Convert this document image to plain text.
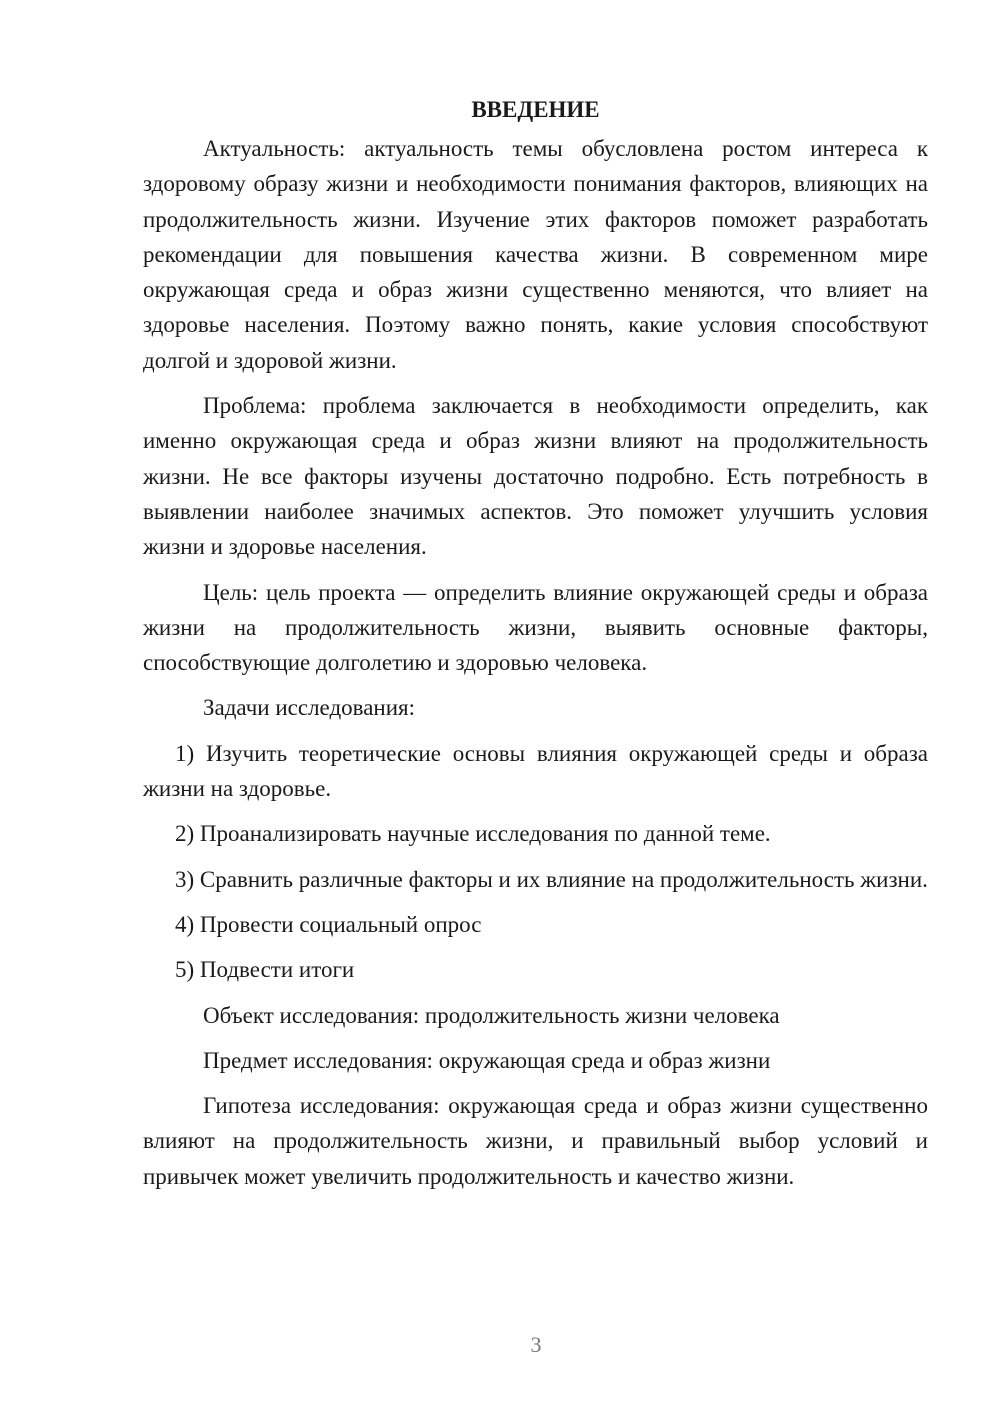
ВВЕДЕНИЕ

Актуальность: актуальность темы обусловлена ростом интереса к здоровому образу жизни и необходимости понимания факторов, влияющих на продолжительность жизни. Изучение этих факторов поможет разработать рекомендации для повышения качества жизни. В современном мире окружающая среда и образ жизни существенно меняются, что влияет на здоровье населения. Поэтому важно понять, какие условия способствуют долгой и здоровой жизни.

Проблема: проблема заключается в необходимости определить, как именно окружающая среда и образ жизни влияют на продолжительность жизни. Не все факторы изучены достаточно подробно. Есть потребность в выявлении наиболее значимых аспектов. Это поможет улучшить условия жизни и здоровье населения.

Цель: цель проекта — определить влияние окружающей среды и образа жизни на продолжительность жизни, выявить основные факторы, способствующие долголетию и здоровью человека.

Задачи исследования:

1) Изучить теоретические основы влияния окружающей среды и образа жизни на здоровье.

2) Проанализировать научные исследования по данной теме.

3) Сравнить различные факторы и их влияние на продолжительность жизни.

4) Провести социальный опрос

5) Подвести итоги

Объект исследования: продолжительность жизни человека

Предмет исследования: окружающая среда и образ жизни

Гипотеза исследования: окружающая среда и образ жизни существенно влияют на продолжительность жизни, и правильный выбор условий и привычек может увеличить продолжительность и качество жизни.

3
